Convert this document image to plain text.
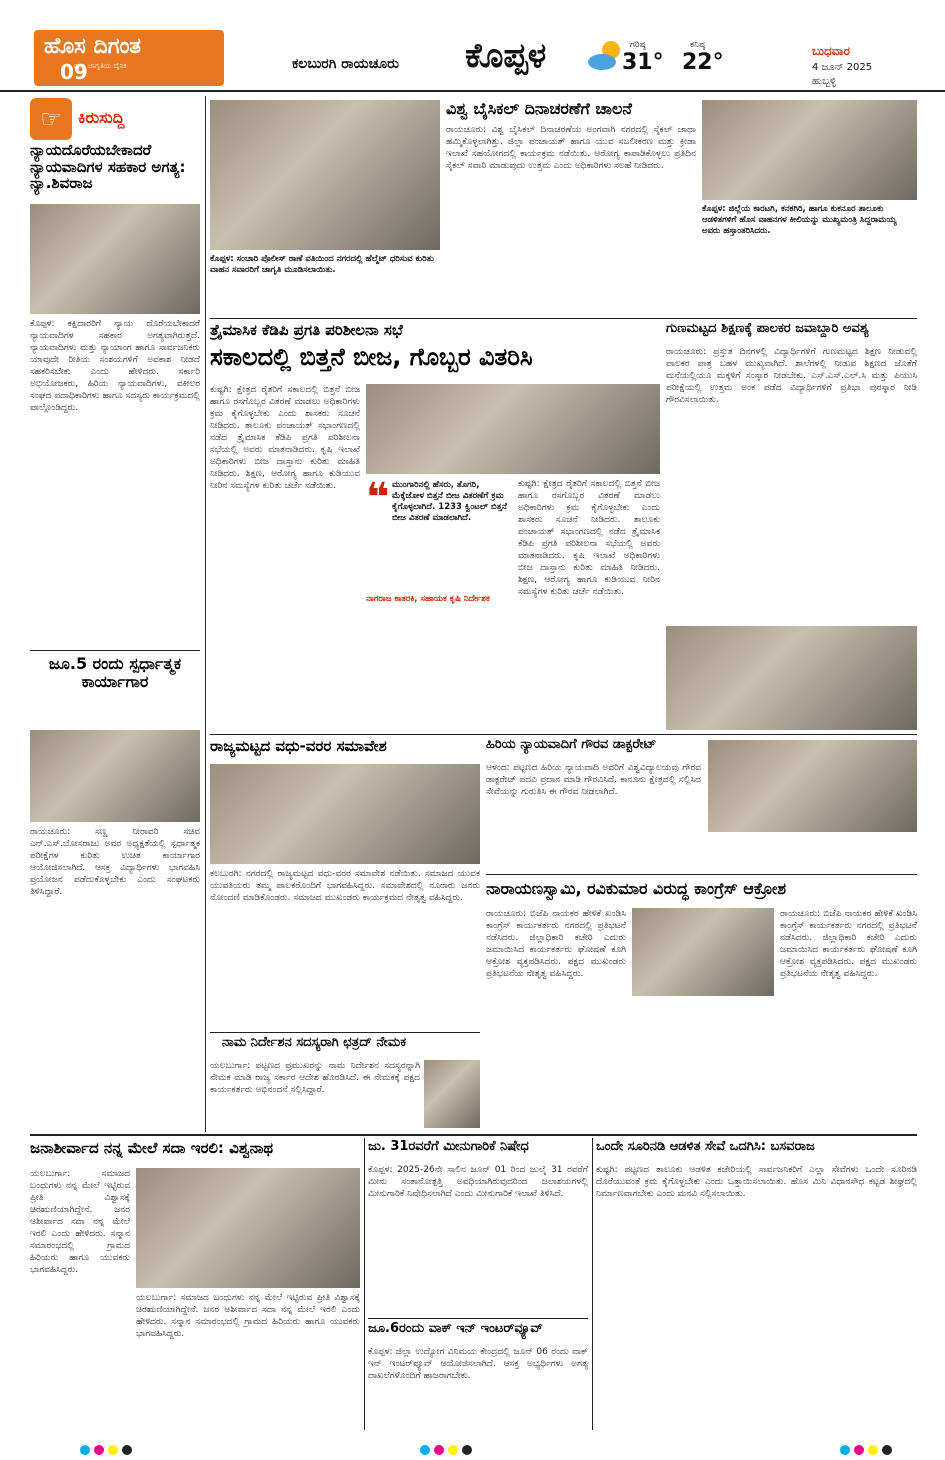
ಹೊಸ ದಿಗಂತ
ರಾಷ್ಟ್ರ ಜಾಗೃತಿಯ ದೈನಿಕ
09	ಕಲಬುರಗಿ ರಾಯಚೂರು ಕೊಪ್ಪಳ	ಗರಿಷ್ಠ
31°
ಕನಿಷ್ಠ
22°	ಬುಧವಾರ
4 ಜೂನ್ 2025
ಹುಬ್ಬಳ್ಳಿ
☞	ಕಿರುಸುದ್ದಿ
ನ್ಯಾಯದೊರೆಯಬೇಕಾದರೆ ನ್ಯಾಯವಾದಿಗಳ ಸಹಕಾರ ಅಗತ್ಯ: ನ್ಯಾ.ಶಿವರಾಜ
ಕೊಪ್ಪಳ: ಕಕ್ಷಿದಾರರಿಗೆ ನ್ಯಾಯ ದೊರೆಯಬೇಕಾದರೆ ನ್ಯಾಯವಾದಿಗಳ ಸಹಕಾರ ಅಗತ್ಯವಾಗಿರುತ್ತದೆ. ನ್ಯಾಯವಾದಿಗಳು ಮತ್ತು ನ್ಯಾಯಾಂಗ ಹಾಗೂ ಸಾರ್ವಜನಿಕರು ಯಾವುದೇ ರೀತಿಯ ಸಂಶಯಗಳಿಗೆ ಅವಕಾಶ ನೀಡದೆ ಸಹಕರಿಸಬೇಕು ಎಂದು ಹೇಳಿದರು. ಸರ್ಕಾರಿ ಅಭಿಯೋಜಕರು, ಹಿರಿಯ ನ್ಯಾಯವಾದಿಗಳು, ವಕೀಲರ ಸಂಘದ ಪದಾಧಿಕಾರಿಗಳು ಹಾಗೂ ಸದಸ್ಯರು ಕಾರ್ಯಕ್ರಮದಲ್ಲಿ ಪಾಲ್ಗೊಂಡಿದ್ದರು.
ಜೂ.5 ರಂದು ಸ್ಪರ್ಧಾತ್ಮಕ ಕಾರ್ಯಾಗಾರ
ರಾಯಚೂರು: ಸಣ್ಣ ನೀರಾವರಿ ಸಚಿವ ಎನ್.ಎಸ್.ಬೋಸರಾಜು ಅವರ ಅಧ್ಯಕ್ಷತೆಯಲ್ಲಿ ಸ್ಪರ್ಧಾತ್ಮಕ ಪರೀಕ್ಷೆಗಳ ಕುರಿತು ಉಚಿತ ಕಾರ್ಯಾಗಾರ ಆಯೋಜಿಸಲಾಗಿದೆ. ಆಸಕ್ತ ವಿದ್ಯಾರ್ಥಿಗಳು ಭಾಗವಹಿಸಿ ಪ್ರಯೋಜನ ಪಡೆದುಕೊಳ್ಳಬೇಕು ಎಂದು ಸಂಘಟಕರು ತಿಳಿಸಿದ್ದಾರೆ.
ಕೊಪ್ಪಳ: ಸಂಚಾರಿ ಪೊಲೀಸ್ ಠಾಣೆ ವತಿಯಿಂದ ನಗರದಲ್ಲಿ ಹೆಲ್ಮೆಟ್ ಧರಿಸುವ ಕುರಿತು ವಾಹನ ಸವಾರರಿಗೆ ಜಾಗೃತಿ ಮೂಡಿಸಲಾಯಿತು.
ವಿಶ್ವ ಬೈಸಿಕಲ್ ದಿನಾಚರಣೆಗೆ ಚಾಲನೆ
ರಾಯಚೂರು: ವಿಶ್ವ ಬೈಸಿಕಲ್ ದಿನಾಚರಣೆಯ ಅಂಗವಾಗಿ ನಗರದಲ್ಲಿ ಸೈಕಲ್ ಜಾಥಾ ಹಮ್ಮಿಕೊಳ್ಳಲಾಗಿತ್ತು. ಜಿಲ್ಲಾ ಪಂಚಾಯತ್ ಹಾಗೂ ಯುವ ಸಬಲೀಕರಣ ಮತ್ತು ಕ್ರೀಡಾ ಇಲಾಖೆ ಸಹಯೋಗದಲ್ಲಿ ಕಾರ್ಯಕ್ರಮ ನಡೆಯಿತು. ಆರೋಗ್ಯ ಕಾಪಾಡಿಕೊಳ್ಳಲು ಪ್ರತಿದಿನ ಸೈಕಲ್ ಸವಾರಿ ಮಾಡುವುದು ಉತ್ತಮ ಎಂದು ಅಧಿಕಾರಿಗಳು ಸಲಹೆ ನೀಡಿದರು.
ಕೊಪ್ಪಳ: ಜಿಲ್ಲೆಯ ಕಾರಟಗಿ, ಕನಕಗಿರಿ, ಹಾಗೂ ಕುಕನೂರ ತಾಲೂಕು ಆಡಳಿತಗಳಿಗೆ ಹೊಸ ವಾಹನಗಳ ಕೀಲಿಯನ್ನು ಮುಖ್ಯಮಂತ್ರಿ ಸಿದ್ದರಾಮಯ್ಯ ಅವರು ಹಸ್ತಾಂತರಿಸಿದರು.
ತ್ರೈಮಾಸಿಕ ಕೆಡಿಪಿ ಪ್ರಗತಿ ಪರಿಶೀಲನಾ ಸಭೆ
ಸಕಾಲದಲ್ಲಿ ಬಿತ್ತನೆ ಬೀಜ, ಗೊಬ್ಬರ ವಿತರಿಸಿ
ಕುಷ್ಟಗಿ: ಕ್ಷೇತ್ರದ ರೈತರಿಗೆ ಸಕಾಲದಲ್ಲಿ ಬಿತ್ತನೆ ಬೀಜ ಹಾಗೂ ರಸಗೊಬ್ಬರ ವಿತರಣೆ ಮಾಡಲು ಅಧಿಕಾರಿಗಳು ಕ್ರಮ ಕೈಗೊಳ್ಳಬೇಕು ಎಂದು ಶಾಸಕರು ಸೂಚನೆ ನೀಡಿದರು. ತಾಲೂಕು ಪಂಚಾಯತ್ ಸಭಾಂಗಣದಲ್ಲಿ ನಡೆದ ತ್ರೈಮಾಸಿಕ ಕೆಡಿಪಿ ಪ್ರಗತಿ ಪರಿಶೀಲನಾ ಸಭೆಯಲ್ಲಿ ಅವರು ಮಾತನಾಡಿದರು. ಕೃಷಿ ಇಲಾಖೆ ಅಧಿಕಾರಿಗಳು ಬೀಜ ದಾಸ್ತಾನು ಕುರಿತು ಮಾಹಿತಿ ನೀಡಿದರು. ಶಿಕ್ಷಣ, ಆರೋಗ್ಯ ಹಾಗೂ ಕುಡಿಯುವ ನೀರಿನ ಸಮಸ್ಯೆಗಳ ಕುರಿತು ಚರ್ಚೆ ನಡೆಯಿತು. ❝ ಮುಂಗಾರಿನಲ್ಲಿ ಹೆಸರು, ತೊಗರಿ, ಮೆಕ್ಕೆಜೋಳ ಬಿತ್ತನೆ ಬೀಜ ವಿತರಣೆಗೆ ಕ್ರಮ ಕೈಗೊಳ್ಳಲಾಗಿದೆ. 1233 ಕ್ವಿಂಟಲ್ ಬಿತ್ತನೆ ಬೀಜ ವಿತರಣೆ ಮಾಡಲಾಗಿದೆ.
ನಾಗರಾಜ ಕಾತರಕಿ, ಸಹಾಯಕ ಕೃಷಿ ನಿರ್ದೇಶಕ
ಕುಷ್ಟಗಿ: ಕ್ಷೇತ್ರದ ರೈತರಿಗೆ ಸಕಾಲದಲ್ಲಿ ಬಿತ್ತನೆ ಬೀಜ ಹಾಗೂ ರಸಗೊಬ್ಬರ ವಿತರಣೆ ಮಾಡಲು ಅಧಿಕಾರಿಗಳು ಕ್ರಮ ಕೈಗೊಳ್ಳಬೇಕು ಎಂದು ಶಾಸಕರು ಸೂಚನೆ ನೀಡಿದರು. ತಾಲೂಕು ಪಂಚಾಯತ್ ಸಭಾಂಗಣದಲ್ಲಿ ನಡೆದ ತ್ರೈಮಾಸಿಕ ಕೆಡಿಪಿ ಪ್ರಗತಿ ಪರಿಶೀಲನಾ ಸಭೆಯಲ್ಲಿ ಅವರು ಮಾತನಾಡಿದರು. ಕೃಷಿ ಇಲಾಖೆ ಅಧಿಕಾರಿಗಳು ಬೀಜ ದಾಸ್ತಾನು ಕುರಿತು ಮಾಹಿತಿ ನೀಡಿದರು. ಶಿಕ್ಷಣ, ಆರೋಗ್ಯ ಹಾಗೂ ಕುಡಿಯುವ ನೀರಿನ ಸಮಸ್ಯೆಗಳ ಕುರಿತು ಚರ್ಚೆ ನಡೆಯಿತು.
ಗುಣಮಟ್ಟದ ಶಿಕ್ಷಣಕ್ಕೆ ಪಾಲಕರ ಜವಾಬ್ದಾರಿ ಅವಶ್ಯ
ರಾಯಚೂರು: ಪ್ರಸ್ತುತ ದಿನಗಳಲ್ಲಿ ವಿದ್ಯಾರ್ಥಿಗಳಿಗೆ ಗುಣಮಟ್ಟದ ಶಿಕ್ಷಣ ನೀಡುವಲ್ಲಿ ಪಾಲಕರ ಪಾತ್ರ ಬಹಳ ಮುಖ್ಯವಾಗಿದೆ. ಶಾಲೆಗಳಲ್ಲಿ ನೀಡುವ ಶಿಕ್ಷಣದ ಜೊತೆಗೆ ಮನೆಯಲ್ಲಿಯೂ ಮಕ್ಕಳಿಗೆ ಸಂಸ್ಕಾರ ನೀಡಬೇಕು. ಎಸ್.ಎಸ್.ಎಲ್.ಸಿ ಮತ್ತು ಪಿಯುಸಿ ಪರೀಕ್ಷೆಯಲ್ಲಿ ಉತ್ತಮ ಅಂಕ ಪಡೆದ ವಿದ್ಯಾರ್ಥಿಗಳಿಗೆ ಪ್ರತಿಭಾ ಪುರಸ್ಕಾರ ನೀಡಿ ಗೌರವಿಸಲಾಯಿತು.
ರಾಜ್ಯಮಟ್ಟದ ವಧು-ವರರ ಸಮಾವೇಶ
ಕಲಬುರಗಿ: ನಗರದಲ್ಲಿ ರಾಜ್ಯಮಟ್ಟದ ವಧು-ವರರ ಸಮಾವೇಶ ನಡೆಯಿತು. ಸಮಾಜದ ಯುವಕ ಯುವತಿಯರು ತಮ್ಮ ಪಾಲಕರೊಂದಿಗೆ ಭಾಗವಹಿಸಿದ್ದರು. ಸಮಾವೇಶದಲ್ಲಿ ನೂರಾರು ಜನರು ನೋಂದಣಿ ಮಾಡಿಕೊಂಡರು. ಸಮಾಜದ ಮುಖಂಡರು ಕಾರ್ಯಕ್ರಮದ ನೇತೃತ್ವ ವಹಿಸಿದ್ದರು.
ಹಿರಿಯ ನ್ಯಾಯವಾದಿಗೆ ಗೌರವ ಡಾಕ್ಟರೇಟ್
ಆಳಂದ: ಪಟ್ಟಣದ ಹಿರಿಯ ನ್ಯಾಯವಾದಿ ಅವರಿಗೆ ವಿಶ್ವವಿದ್ಯಾಲಯವು ಗೌರವ ಡಾಕ್ಟರೇಟ್ ಪದವಿ ಪ್ರದಾನ ಮಾಡಿ ಗೌರವಿಸಿದೆ. ಕಾನೂನು ಕ್ಷೇತ್ರದಲ್ಲಿ ಸಲ್ಲಿಸಿದ ಸೇವೆಯನ್ನು ಗುರುತಿಸಿ ಈ ಗೌರವ ನೀಡಲಾಗಿದೆ.
ನಾರಾಯಣಸ್ವಾಮಿ, ರವಿಕುಮಾರ ವಿರುದ್ಧ ಕಾಂಗ್ರೆಸ್ ಆಕ್ರೋಶ
ರಾಯಚೂರು: ಬಿಜೆಪಿ ನಾಯಕರ ಹೇಳಿಕೆ ಖಂಡಿಸಿ ಕಾಂಗ್ರೆಸ್ ಕಾರ್ಯಕರ್ತರು ನಗರದಲ್ಲಿ ಪ್ರತಿಭಟನೆ ನಡೆಸಿದರು. ಜಿಲ್ಲಾಧಿಕಾರಿ ಕಚೇರಿ ಎದುರು ಜಮಾಯಿಸಿದ ಕಾರ್ಯಕರ್ತರು ಘೋಷಣೆ ಕೂಗಿ ಆಕ್ರೋಶ ವ್ಯಕ್ತಪಡಿಸಿದರು. ಪಕ್ಷದ ಮುಖಂಡರು ಪ್ರತಿಭಟನೆಯ ನೇತೃತ್ವ ವಹಿಸಿದ್ದರು.
ರಾಯಚೂರು: ಬಿಜೆಪಿ ನಾಯಕರ ಹೇಳಿಕೆ ಖಂಡಿಸಿ ಕಾಂಗ್ರೆಸ್ ಕಾರ್ಯಕರ್ತರು ನಗರದಲ್ಲಿ ಪ್ರತಿಭಟನೆ ನಡೆಸಿದರು. ಜಿಲ್ಲಾಧಿಕಾರಿ ಕಚೇರಿ ಎದುರು ಜಮಾಯಿಸಿದ ಕಾರ್ಯಕರ್ತರು ಘೋಷಣೆ ಕೂಗಿ ಆಕ್ರೋಶ ವ್ಯಕ್ತಪಡಿಸಿದರು. ಪಕ್ಷದ ಮುಖಂಡರು ಪ್ರತಿಭಟನೆಯ ನೇತೃತ್ವ ವಹಿಸಿದ್ದರು.
ನಾಮ ನಿರ್ದೇಶನ ಸದಸ್ಯರಾಗಿ ಛತ್ರದ್ ನೇಮಕ
ಯಲಬುರ್ಗಾ: ಪಟ್ಟಣದ ಪ್ರಮುಖರನ್ನು ನಾಮ ನಿರ್ದೇಶನ ಸದಸ್ಯರನ್ನಾಗಿ ನೇಮಕ ಮಾಡಿ ರಾಜ್ಯ ಸರ್ಕಾರ ಆದೇಶ ಹೊರಡಿಸಿದೆ. ಈ ನೇಮಕಕ್ಕೆ ಪಕ್ಷದ ಕಾರ್ಯಕರ್ತರು ಅಭಿನಂದನೆ ಸಲ್ಲಿಸಿದ್ದಾರೆ.
ಜನಾಶೀರ್ವಾದ ನನ್ನ ಮೇಲೆ ಸದಾ ಇರಲಿ: ವಿಶ್ವನಾಥ
ಯಲಬುರ್ಗಾ: ಸಮಾಜದ ಬಂಧುಗಳು ನನ್ನ ಮೇಲೆ ಇಟ್ಟಿರುವ ಪ್ರೀತಿ ವಿಶ್ವಾಸಕ್ಕೆ ಚಿರಋಣಿಯಾಗಿದ್ದೇನೆ. ಜನರ ಆಶೀರ್ವಾದ ಸದಾ ನನ್ನ ಮೇಲೆ ಇರಲಿ ಎಂದು ಹೇಳಿದರು. ಸನ್ಮಾನ ಸಮಾರಂಭದಲ್ಲಿ ಗ್ರಾಮದ ಹಿರಿಯರು ಹಾಗೂ ಯುವಕರು ಭಾಗವಹಿಸಿದ್ದರು.
ಯಲಬುರ್ಗಾ: ಸಮಾಜದ ಬಂಧುಗಳು ನನ್ನ ಮೇಲೆ ಇಟ್ಟಿರುವ ಪ್ರೀತಿ ವಿಶ್ವಾಸಕ್ಕೆ ಚಿರಋಣಿಯಾಗಿದ್ದೇನೆ. ಜನರ ಆಶೀರ್ವಾದ ಸದಾ ನನ್ನ ಮೇಲೆ ಇರಲಿ ಎಂದು ಹೇಳಿದರು. ಸನ್ಮಾನ ಸಮಾರಂಭದಲ್ಲಿ ಗ್ರಾಮದ ಹಿರಿಯರು ಹಾಗೂ ಯುವಕರು ಭಾಗವಹಿಸಿದ್ದರು.
ಜು. 31ರವರೆಗೆ ಮೀನುಗಾರಿಕೆ ನಿಷೇಧ
ಕೊಪ್ಪಳ: 2025-26ನೇ ಸಾಲಿನ ಜೂನ್ 01 ರಿಂದ ಜುಲೈ 31 ರವರೆಗೆ ಮೀನು ಸಂತಾನೋತ್ಪತ್ತಿ ಅವಧಿಯಾಗಿರುವುದರಿಂದ ಜಲಾಶಯಗಳಲ್ಲಿ ಮೀನುಗಾರಿಕೆ ನಿಷೇಧಿಸಲಾಗಿದೆ ಎಂದು ಮೀನುಗಾರಿಕೆ ಇಲಾಖೆ ತಿಳಿಸಿದೆ.
ಜೂ.6ರಂದು ವಾಕ್ ಇನ್ ಇಂಟರ್‌ವ್ಯೂವ್
ಕೊಪ್ಪಳ: ಜಿಲ್ಲಾ ಉದ್ಯೋಗ ವಿನಿಮಯ ಕೇಂದ್ರದಲ್ಲಿ ಜೂನ್ 06 ರಂದು ವಾಕ್ ಇನ್ ಇಂಟರ್‌ವ್ಯೂವ್ ಆಯೋಜಿಸಲಾಗಿದೆ. ಆಸಕ್ತ ಅಭ್ಯರ್ಥಿಗಳು ಅಗತ್ಯ ದಾಖಲೆಗಳೊಂದಿಗೆ ಹಾಜರಾಗಬೇಕು.
ಒಂದೇ ಸೂರಿನಡಿ ಆಡಳಿತ ಸೇವೆ ಒದಗಿಸಿ: ಬಸವರಾಜ
ಕುಷ್ಟಗಿ: ಪಟ್ಟಣದ ತಾಲೂಕು ಆಡಳಿತ ಕಚೇರಿಯಲ್ಲಿ ಸಾರ್ವಜನಿಕರಿಗೆ ಎಲ್ಲಾ ಸೇವೆಗಳು ಒಂದೇ ಸೂರಿನಡಿ ದೊರೆಯುವಂತೆ ಕ್ರಮ ಕೈಗೊಳ್ಳಬೇಕು ಎಂದು ಒತ್ತಾಯಿಸಲಾಯಿತು. ಹೊಸ ಮಿನಿ ವಿಧಾನಸೌಧ ಕಟ್ಟಡ ಶೀಘ್ರದಲ್ಲಿ ನಿರ್ಮಾಣವಾಗಬೇಕು ಎಂದು ಮನವಿ ಸಲ್ಲಿಸಲಾಯಿತು.
